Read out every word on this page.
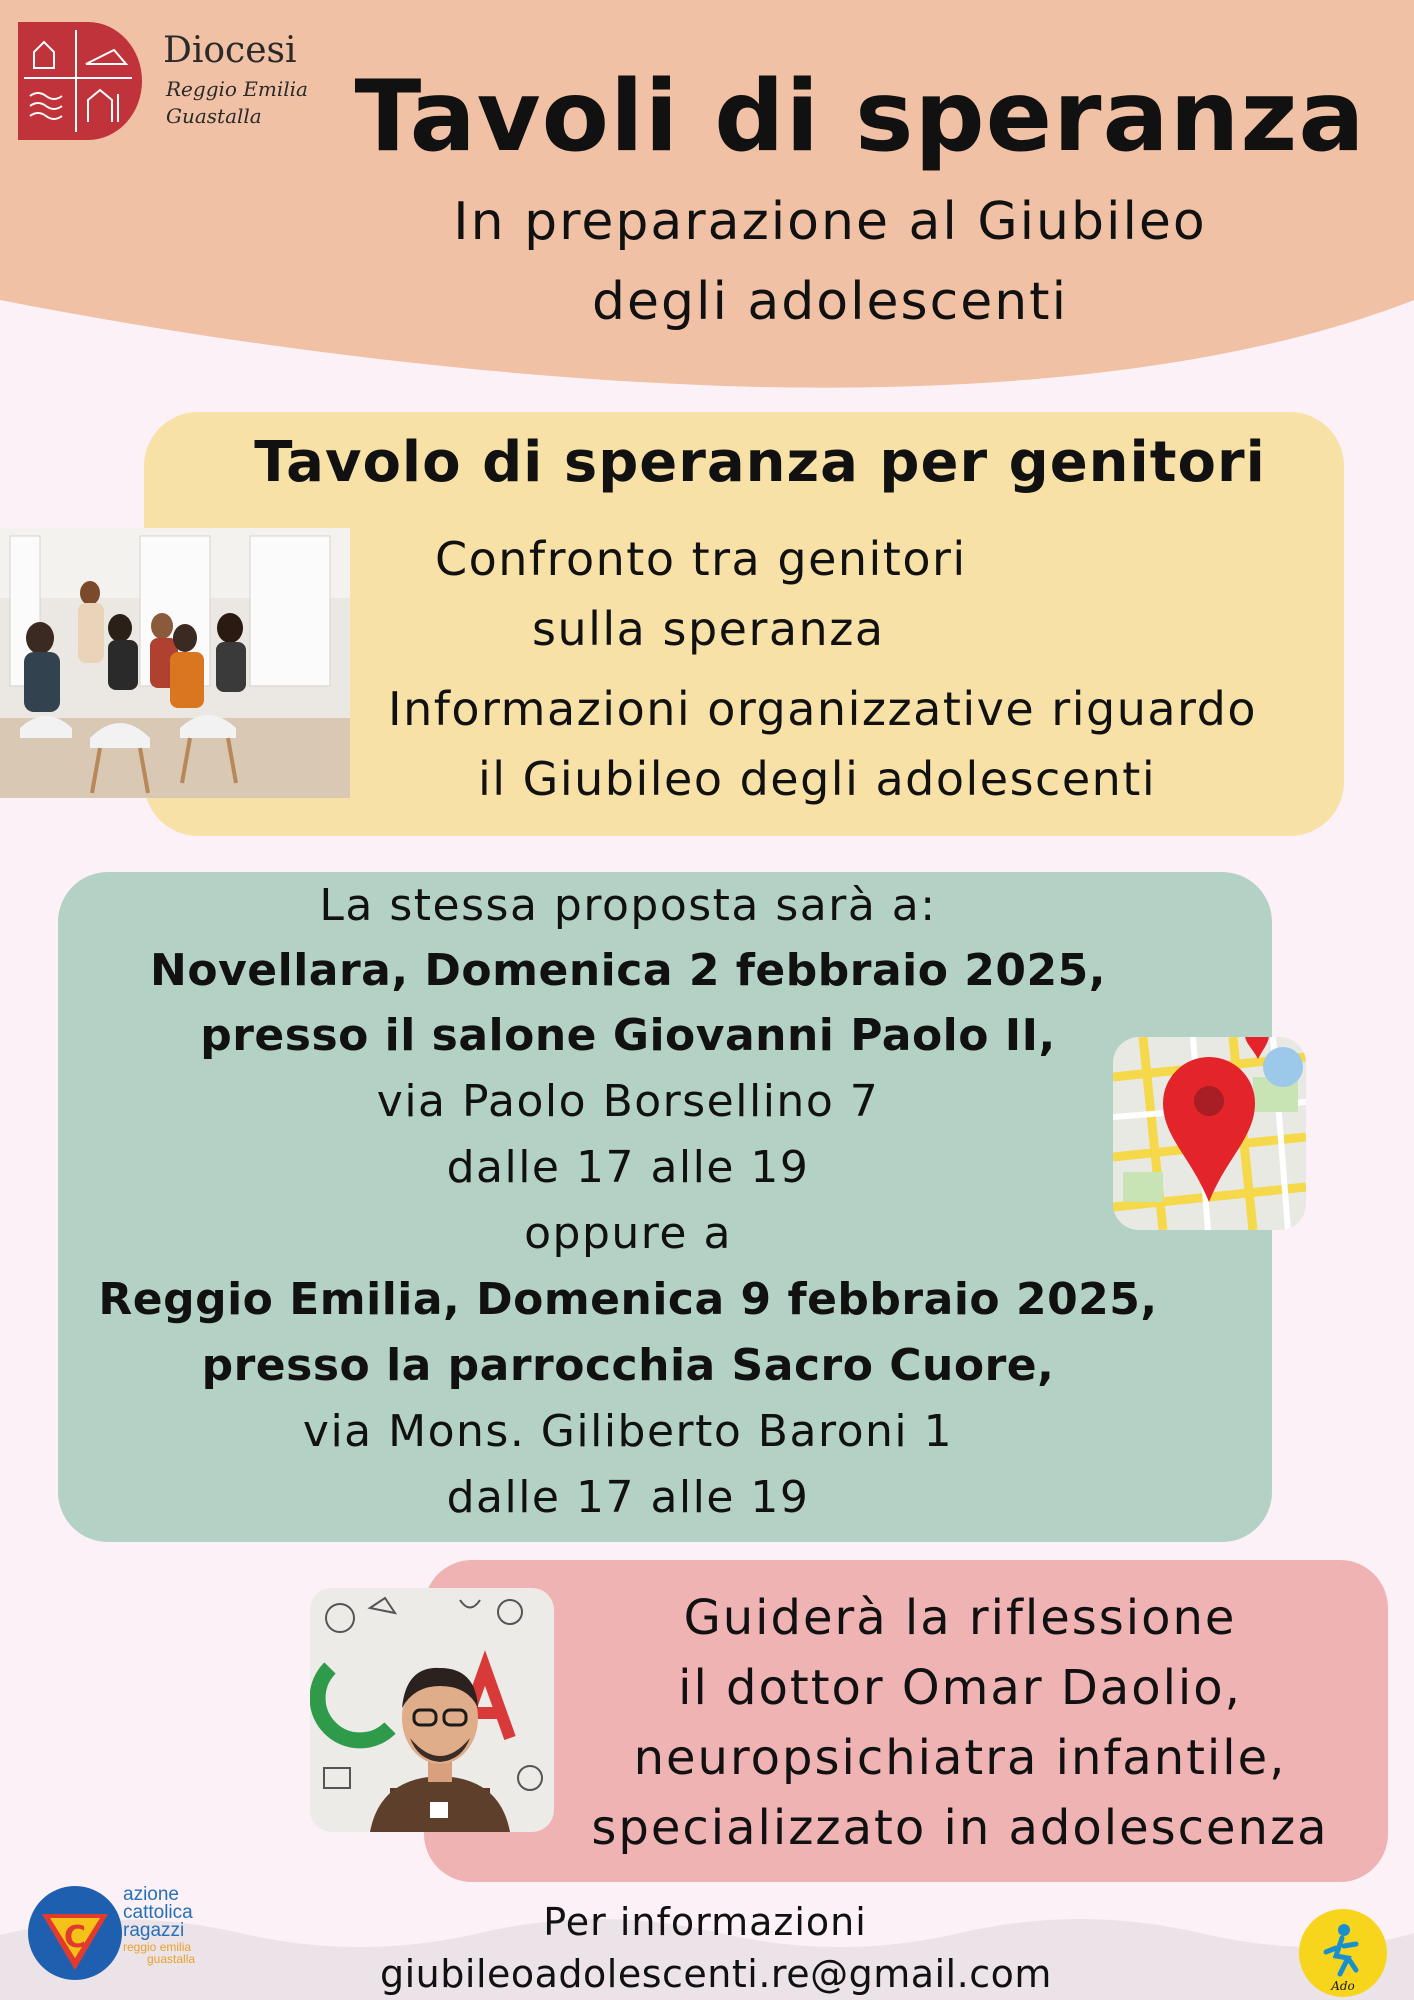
Diocesi
Reggio Emilia
Guastalla Tavoli di speranza
In preparazione al Giubileo
degli adolescenti
Tavolo di speranza per genitori
Confronto tra genitori
sulla speranza
Informazioni organizzative riguardo
il Giubileo degli adolescenti
La stessa proposta sarà a:
Novellara, Domenica 2 febbraio 2025,
presso il salone Giovanni Paolo II,
via Paolo Borsellino 7
dalle 17 alle 19
oppure a
Reggio Emilia, Domenica 9 febbraio 2025,
presso la parrocchia Sacro Cuore,
via Mons. Giliberto Baroni 1
dalle 17 alle 19
Guiderà la riflessione
il dottor Omar Daolio,
neuropsichiatra infantile,
specializzato in adolescenza
C
azione
cattolica
ragazzi
reggio emilia
guastalla
Per informazioni
giubileoadolescenti.re@gmail.com	Ado
